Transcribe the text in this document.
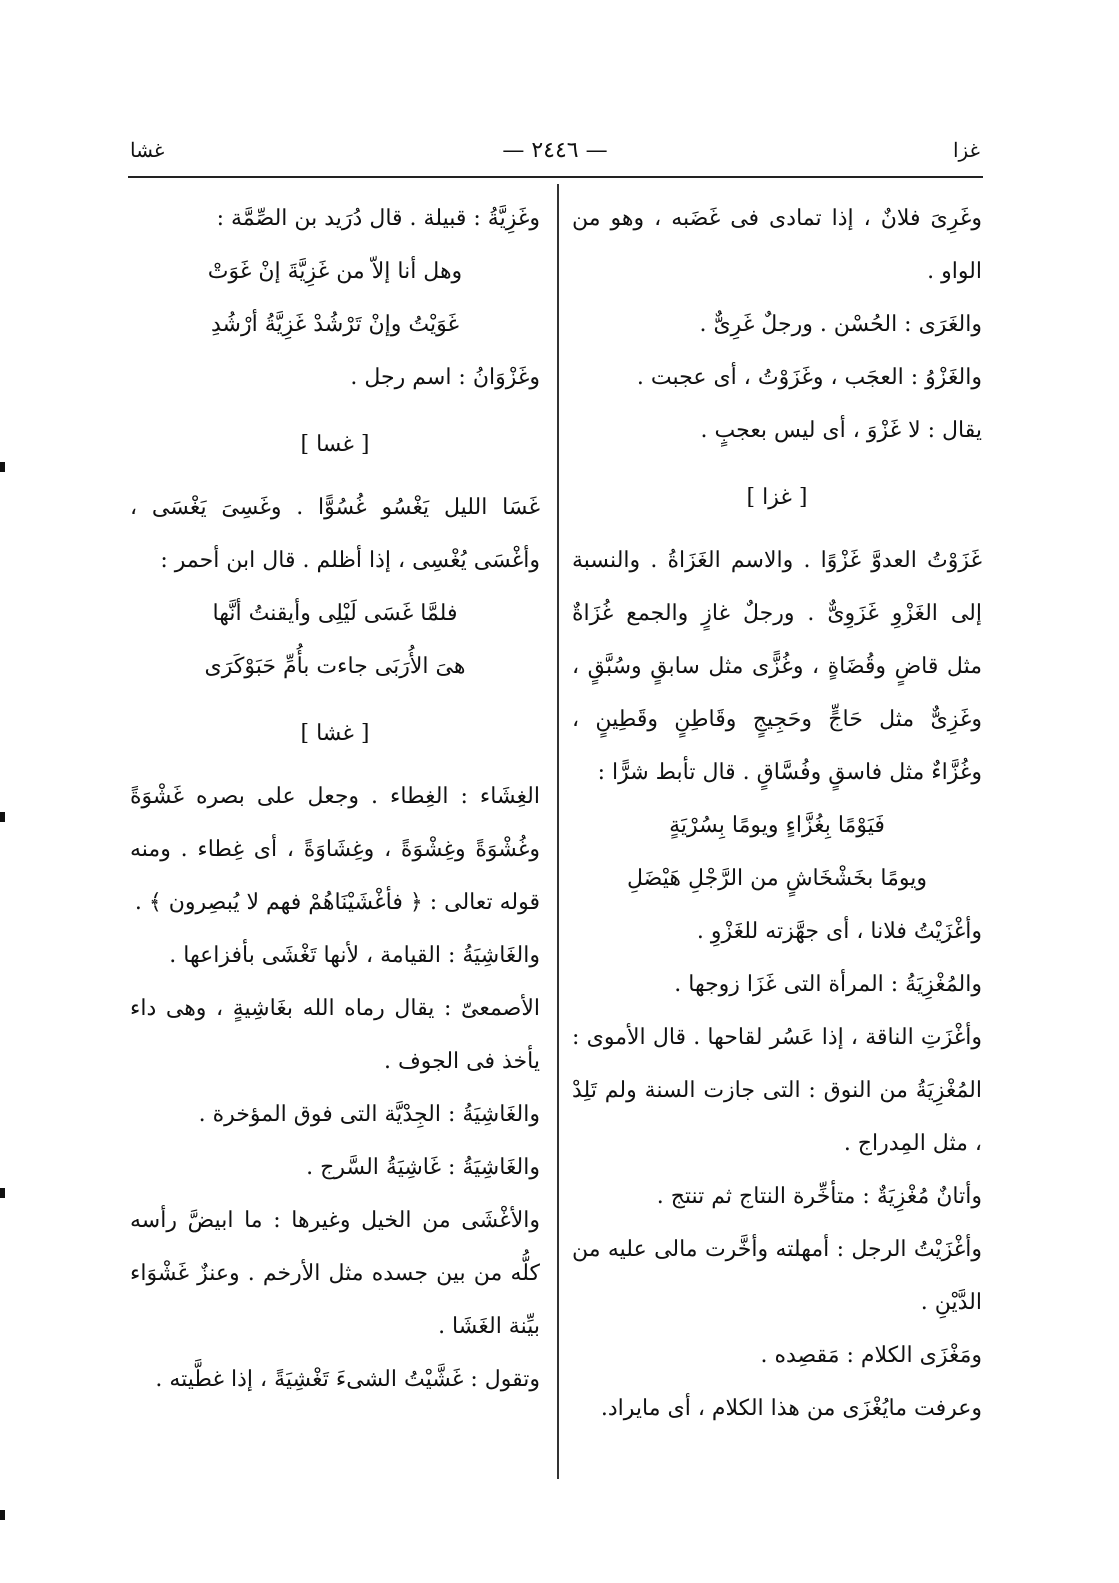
غزا
— ٢٤٤٦ —
غشا

وغَرِىَ فلانٌ ، إذا تمادى فى غَضَبه ، وهو من الواو .

والغَرَى : الحُسْن . ورجلٌ غَرِىٌّ .

والغَزْوُ : العجَب ، وغَزَوْتُ ، أى عجبت .

يقال : لا غَزْوَ ، أى ليس بعجبٍ .

[ غزا ]

غَزَوْتُ العدوَّ غَزْوًا . والاسم الغَزَاةُ . والنسبة إلى الغَزْوِ غَزَوِىٌّ . ورجلٌ غازٍ والجمع غُزَاةٌ مثل قاضٍ وقُضَاةٍ ، وغُزًّى مثل سابقٍ وسُبَّقٍ ، وغَزِىٌّ مثل حَاجٍّ وحَجِيجٍ وقَاطِنٍ وقَطِينٍ ، وغُزَّاءٌ مثل فاسقٍ وفُسَّاقٍ . قال تأبط شرًّا :

فَيَوْمًا بِغُزَّاءٍ ويومًا بِسُرْيَةٍ

ويومًا بخَشْخَاشٍ من الرَّجْلِ هَيْضَلِ

وأغْزَيْتُ فلانا ، أى جهَّزته للغَزْوِ .

والمُغْزِيَةُ : المرأة التى غَزَا زوجها .

وأغْزَتِ الناقة ، إذا عَسُر لقاحها . قال الأموى : المُغْزِيَةُ من النوق : التى جازت السنة ولم تَلِدْ ، مثل المِدراج .

وأتانٌ مُغْزِيَةٌ : متأخِّرة النتاج ثم تنتج .

وأغْزَيْتُ الرجل : أمهلته وأخَّرت مالى عليه من الدَّيْنِ .

ومَغْزَى الكلام : مَقصِده .

وعرفت مايُغْزَى من هذا الكلام ، أى مايراد.

وغَزِيَّةُ : قبيلة . قال دُرَيد بن الصِّمَّة :

وهل أنا إلاّ من غَزِيَّةَ إنْ غَوَتْ

غَوَيْتُ وإنْ تَرْشُدْ غَزِيَّةُ أرْشُدِ

وغَزْوَانُ : اسم رجل .

[ غسا ]

غَسَا الليل يَغْسُو غُسُوًّا . وغَسِىَ يَغْسَى ، وأغْسَى يُغْسِى ، إذا أظلم . قال ابن أحمر :

فلمَّا غَسَى لَيْلِى وأيقنتُ أنَّها

هىَ الأُرَبَى جاءت بأُمِّ حَبَوْكَرَى

[ غشا ]

الغِشَاء : الغِطاء . وجعل على بصره غَشْوَةً وغُشْوَةً وغِشْوَةً ، وغِشَاوَةً ، أى غِطاء . ومنه قوله تعالى : ﴿ فأغْشَيْنَاهُمْ فهم لا يُبصِرون ﴾ .

والغَاشِيَةُ : القيامة ، لأنها تَغْشَى بأفزاعها .

الأصمعىّ : يقال رماه الله بغَاشِيةٍ ، وهى داء يأخذ فى الجوف .

والغَاشِيَةُ : الجِدْيَّة التى فوق المؤخرة .

والغَاشِيَةُ : غَاشِيَةُ السَّرج .

والأغْشَى من الخيل وغيرها : ما ابيضَّ رأسه كلُّه من بين جسده مثل الأرخم . وعنزٌ غَشْوَاء بيِّنة الغَشَا .

وتقول : غَشَّيْتُ الشىءَ تَغْشِيَةً ، إذا غطَّيته .
